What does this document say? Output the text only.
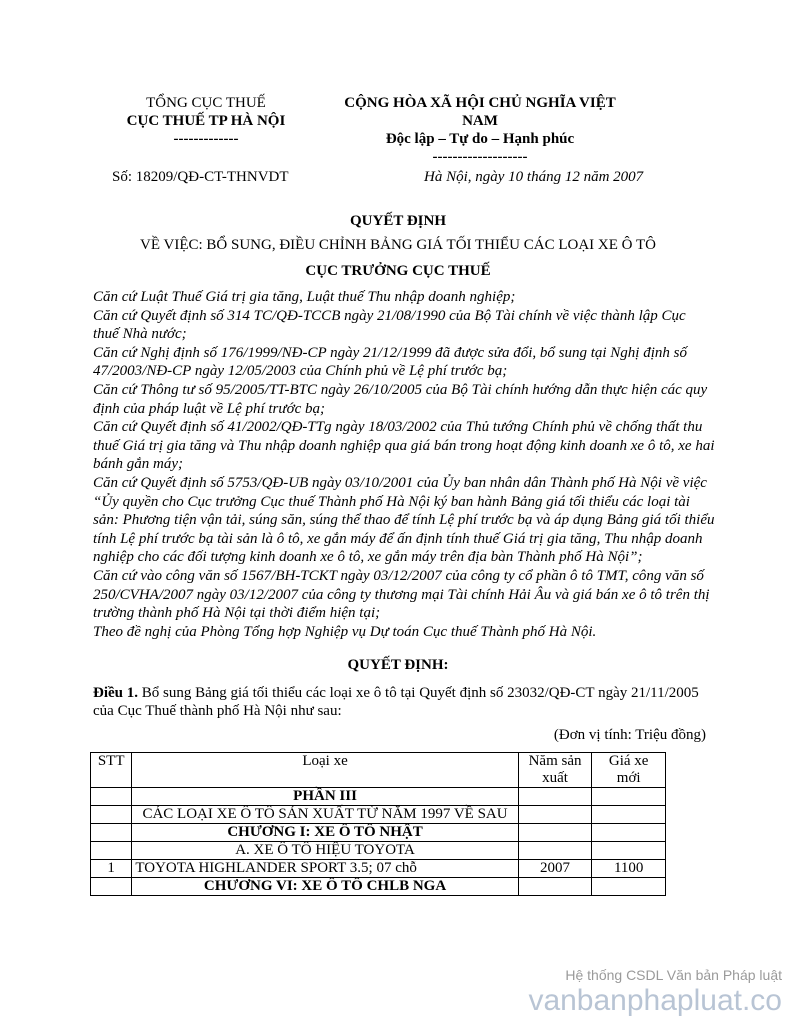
TỔNG CỤC THUẾ
CỤC THUẾ TP HÀ NỘI
-------------
CỘNG HÒA XÃ HỘI CHỦ NGHĨA VIỆT
NAM
Độc lập – Tự do – Hạnh phúc
-------------------
Số: 18209/QĐ-CT-THNVDT	Hà Nội, ngày 10 tháng 12 năm 2007
QUYẾT ĐỊNH
VỀ VIỆC: BỔ SUNG, ĐIỀU CHỈNH BẢNG GIÁ TỐI THIỂU CÁC LOẠI XE Ô TÔ
CỤC TRƯỞNG CỤC THUẾ

Căn cứ Luật Thuế Giá trị gia tăng, Luật thuế Thu nhập doanh nghiệp;

Căn cứ Quyết định số 314 TC/QĐ-TCCB ngày 21/08/1990 của Bộ Tài chính về việc thành lập Cục thuế Nhà nước;

Căn cứ Nghị định số 176/1999/NĐ-CP ngày 21/12/1999 đã được sửa đổi, bổ sung tại Nghị định số 47/2003/NĐ-CP ngày 12/05/2003 của Chính phủ về Lệ phí trước bạ;

Căn cứ Thông tư số 95/2005/TT-BTC ngày 26/10/2005 của Bộ Tài chính hướng dẫn thực hiện các quy định của pháp luật về Lệ phí trước bạ;

Căn cứ Quyết định số 41/2002/QĐ-TTg ngày 18/03/2002 của Thủ tướng Chính phủ về chống thất thu thuế Giá trị gia tăng và Thu nhập doanh nghiệp qua giá bán trong hoạt động kinh doanh xe ô tô, xe hai bánh gắn máy;

Căn cứ Quyết định số 5753/QĐ-UB ngày 03/10/2001 của Ủy ban nhân dân Thành phố Hà Nội về việc “Ủy quyền cho Cục trưởng Cục thuế Thành phố Hà Nội ký ban hành Bảng giá tối thiểu các loại tài sản: Phương tiện vận tải, súng săn, súng thể thao để tính Lệ phí trước bạ và áp dụng Bảng giá tối thiểu tính Lệ phí trước bạ tài sản là ô tô, xe gắn máy để ấn định tính thuế Giá trị gia tăng, Thu nhập doanh nghiệp cho các đối tượng kinh doanh xe ô tô, xe gắn máy trên địa bàn Thành phố Hà Nội”;

Căn cứ vào công văn số 1567/BH-TCKT ngày 03/12/2007 của công ty cổ phần ô tô TMT, công văn số 250/CVHA/2007 ngày 03/12/2007 của công ty thương mại Tài chính Hải Âu và giá bán xe ô tô trên thị trường thành phố Hà Nội tại thời điểm hiện tại;

Theo đề nghị của Phòng Tổng hợp Nghiệp vụ Dự toán Cục thuế Thành phố Hà Nội.

QUYẾT ĐỊNH:
Điều 1. Bổ sung Bảng giá tối thiểu các loại xe ô tô tại Quyết định số 23032/QĐ-CT ngày 21/11/2005 của Cục Thuế thành phố Hà Nội như sau:
(Đơn vị tính: Triệu đồng)
STT	Loại xe	Năm sản xuất	Giá xe mới
	PHẦN III		
	CÁC LOẠI XE Ô TÔ SẢN XUẤT TỪ NĂM 1997 VỀ SAU		
	CHƯƠNG I: XE Ô TÔ NHẬT		
	A. XE Ô TÔ HIỆU TOYOTA		
1	TOYOTA HIGHLANDER SPORT 3.5; 07 chỗ	2007	1100
	CHƯƠNG VI: XE Ô TÔ CHLB NGA		
Hệ thống CSDL Văn bản Pháp luật
vanbanphapluat.co
